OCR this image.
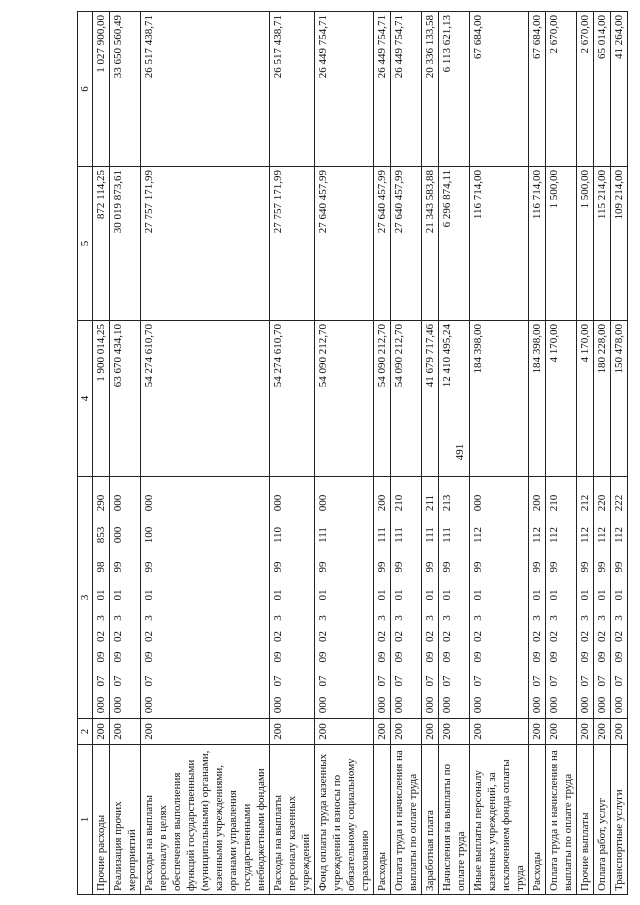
491
1	2	3	4	5	6
Прочие расходы	200	00007090230198853290	1 900 014,25	872 114,25	1 027 900,00
Реализация прочих мероприятий	200	00007090230199000000	63 670 434,10	30 019 873,61	33 650 560,49
Расходы на выплаты персоналу в целях обеспечения выполнения функций государственными (муниципальными) органами, казенными учреждениями, органами управления государственными внебюджетными фондами	200	00007090230199100000	54 274 610,70	27 757 171,99	26 517 438,71
Расходы на выплаты персоналу казенных учреждений	200	00007090230199110000	54 274 610,70	27 757 171,99	26 517 438,71
Фонд оплаты труда казенных учреждений и взносы по обязательному социальному страхованию	200	00007090230199111000	54 090 212,70	27 640 457,99	26 449 754,71
Расходы	200	00007090230199111200	54 090 212,70	27 640 457,99	26 449 754,71
Оплата труда и начисления на выплаты по оплате труда	200	00007090230199111210	54 090 212,70	27 640 457,99	26 449 754,71
Заработная плата	200	00007090230199111211	41 679 717,46	21 343 583,88	20 336 133,58
Начисления на выплаты по оплате труда	200	00007090230199111213	12 410 495,24	6 296 874,11	6 113 621,13
Иные выплаты персоналу казенных учреждений, за исключением фонда оплаты труда	200	00007090230199112000	184 398,00	116 714,00	67 684,00
Расходы	200	00007090230199112200	184 398,00	116 714,00	67 684,00
Оплата труда и начисления на выплаты по оплате труда	200	00007090230199112210	4 170,00	1 500,00	2 670,00
Прочие выплаты	200	00007090230199112212	4 170,00	1 500,00	2 670,00
Оплата работ, услуг	200	00007090230199112220	180 228,00	115 214,00	65 014,00
Транспортные услуги	200	00007090230199112222	150 478,00	109 214,00	41 264,00
